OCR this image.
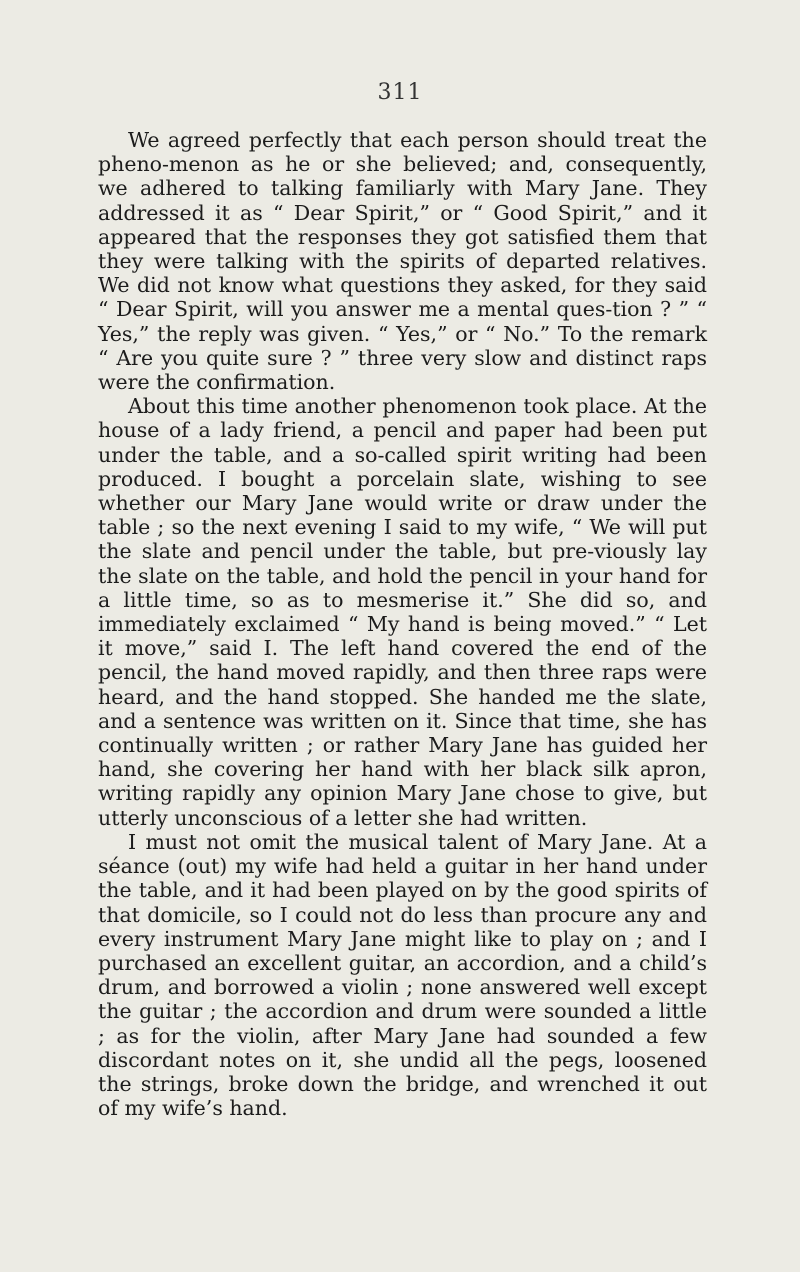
311

We agreed perfectly that each person should treat the pheno-menon as he or she believed; and, consequently, we adhered to talking familiarly with Mary Jane. They addressed it as “ Dear Spirit,” or “ Good Spirit,” and it appeared that the responses they got satisfied them that they were talking with the spirits of departed relatives. We did not know what questions they asked, for they said “ Dear Spirit, will you answer me a mental ques-tion ? ” “ Yes,” the reply was given. “ Yes,” or “ No.” To the remark “ Are you quite sure ? ” three very slow and distinct raps were the confirmation.

About this time another phenomenon took place. At the house of a lady friend, a pencil and paper had been put under the table, and a so-called spirit writing had been produced. I bought a porcelain slate, wishing to see whether our Mary Jane would write or draw under the table ; so the next evening I said to my wife, “ We will put the slate and pencil under the table, but pre-viously lay the slate on the table, and hold the pencil in your hand for a little time, so as to mesmerise it.” She did so, and immediately exclaimed “ My hand is being moved.” “ Let it move,” said I. The left hand covered the end of the pencil, the hand moved rapidly, and then three raps were heard, and the hand stopped. She handed me the slate, and a sentence was written on it. Since that time, she has continually written ; or rather Mary Jane has guided her hand, she covering her hand with her black silk apron, writing rapidly any opinion Mary Jane chose to give, but utterly unconscious of a letter she had written.

I must not omit the musical talent of Mary Jane. At a séance (out) my wife had held a guitar in her hand under the table, and it had been played on by the good spirits of that domicile, so I could not do less than procure any and every instrument Mary Jane might like to play on ; and I purchased an excellent guitar, an accordion, and a child’s drum, and borrowed a violin ; none answered well except the guitar ; the accordion and drum were sounded a little ; as for the violin, after Mary Jane had sounded a few discordant notes on it, she undid all the pegs, loosened the strings, broke down the bridge, and wrenched it out of my wife’s hand.
